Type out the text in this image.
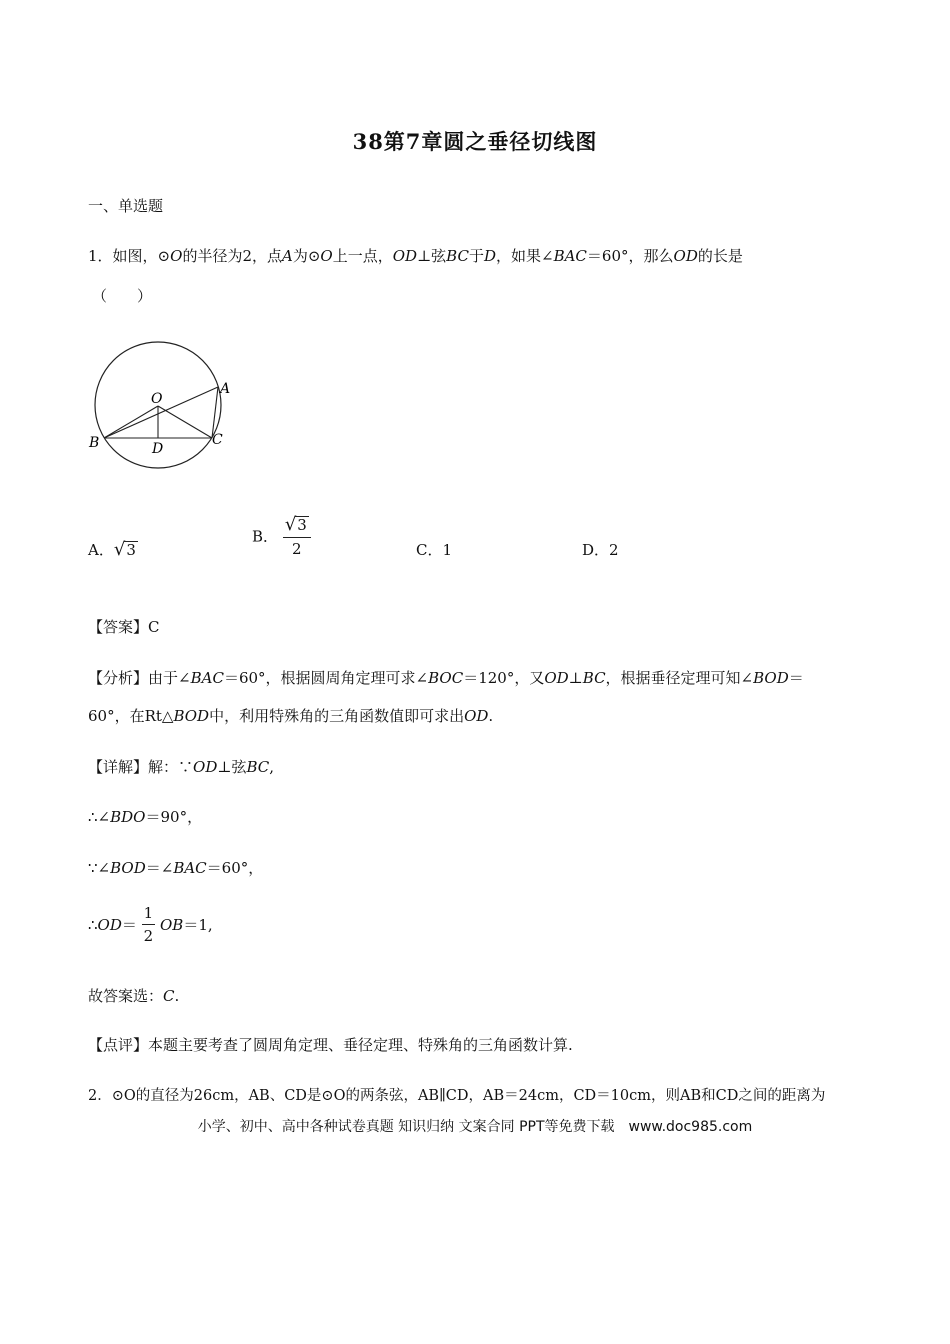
38第7章圆之垂径切线图
一、单选题
1．如图，⊙O的半径为2，点A为⊙O上一点，OD⊥弦BC于D，如果∠BAC＝60°，那么OD的长是
（　　）
O
A
B	C
D
A．√3
B． $\frac{√3}{2}$	C．1	D．2
【答案】C
【分析】由于∠BAC＝60°，根据圆周角定理可求∠BOC＝120°，又OD⊥BC，根据垂径定理可知∠BOD＝
60°，在Rt△BOD中，利用特殊角的三角函数值即可求出OD.
【详解】解：∵OD⊥弦BC,
∴∠BDO＝90°，
∵∠BOD＝∠BAC＝60°，
∴OD＝ $\frac{1}{2} OB=1$,
故答案选：C.
【点评】本题主要考查了圆周角定理、垂径定理、特殊角的三角函数计算.
2．⊙O的直径为26cm，AB、CD是⊙O的两条弦，AB∥CD，AB＝24cm，CD＝10cm，则AB和CD之间的距离为
小学、初中、高中各种试卷真题 知识归纳 文案合同 PPT等免费下载　www.doc985.com
